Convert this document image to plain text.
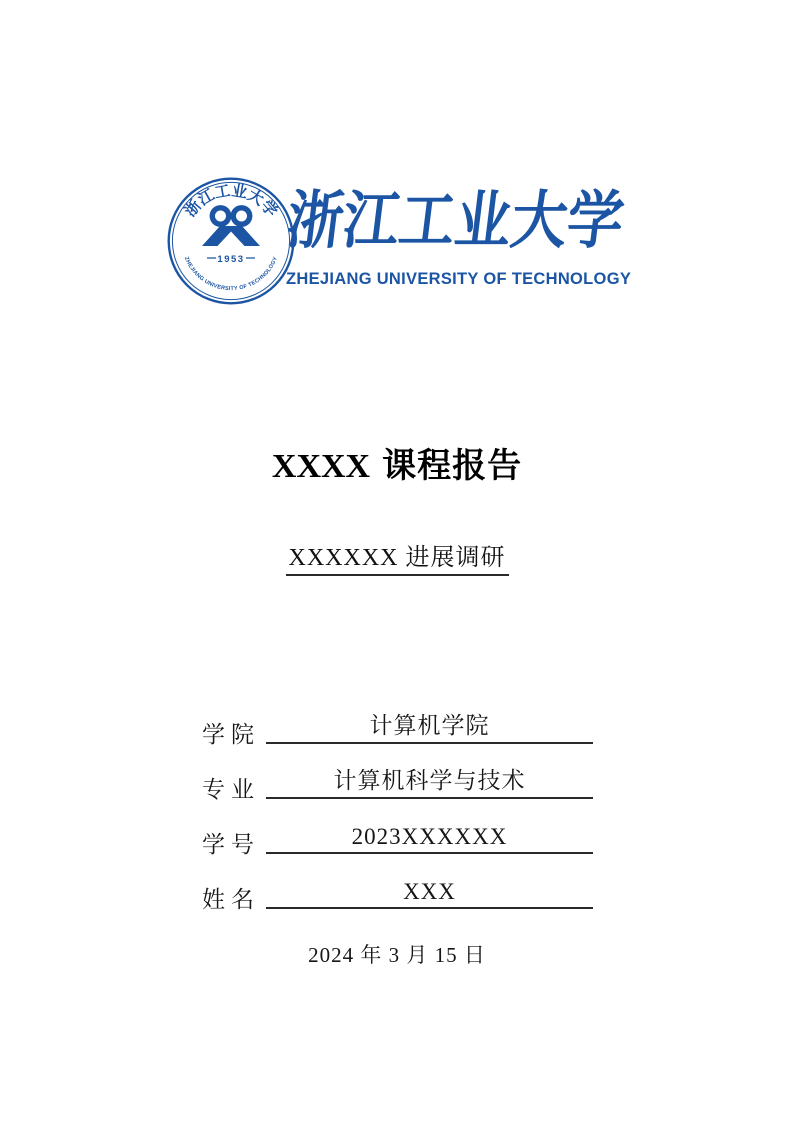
浙江工业大学
1953
ZHEJIANG UNIVERSITY OF TECHNOLOGY
浙江工业大学
ZHEJIANG UNIVERSITY OF TECHNOLOGY
XXXX 课程报告
XXXXXX 进展调研
学院	计算机学院
专业	计算机科学与技术
学号	2023XXXXXX
姓名	XXX
2024 年 3 月 15 日
